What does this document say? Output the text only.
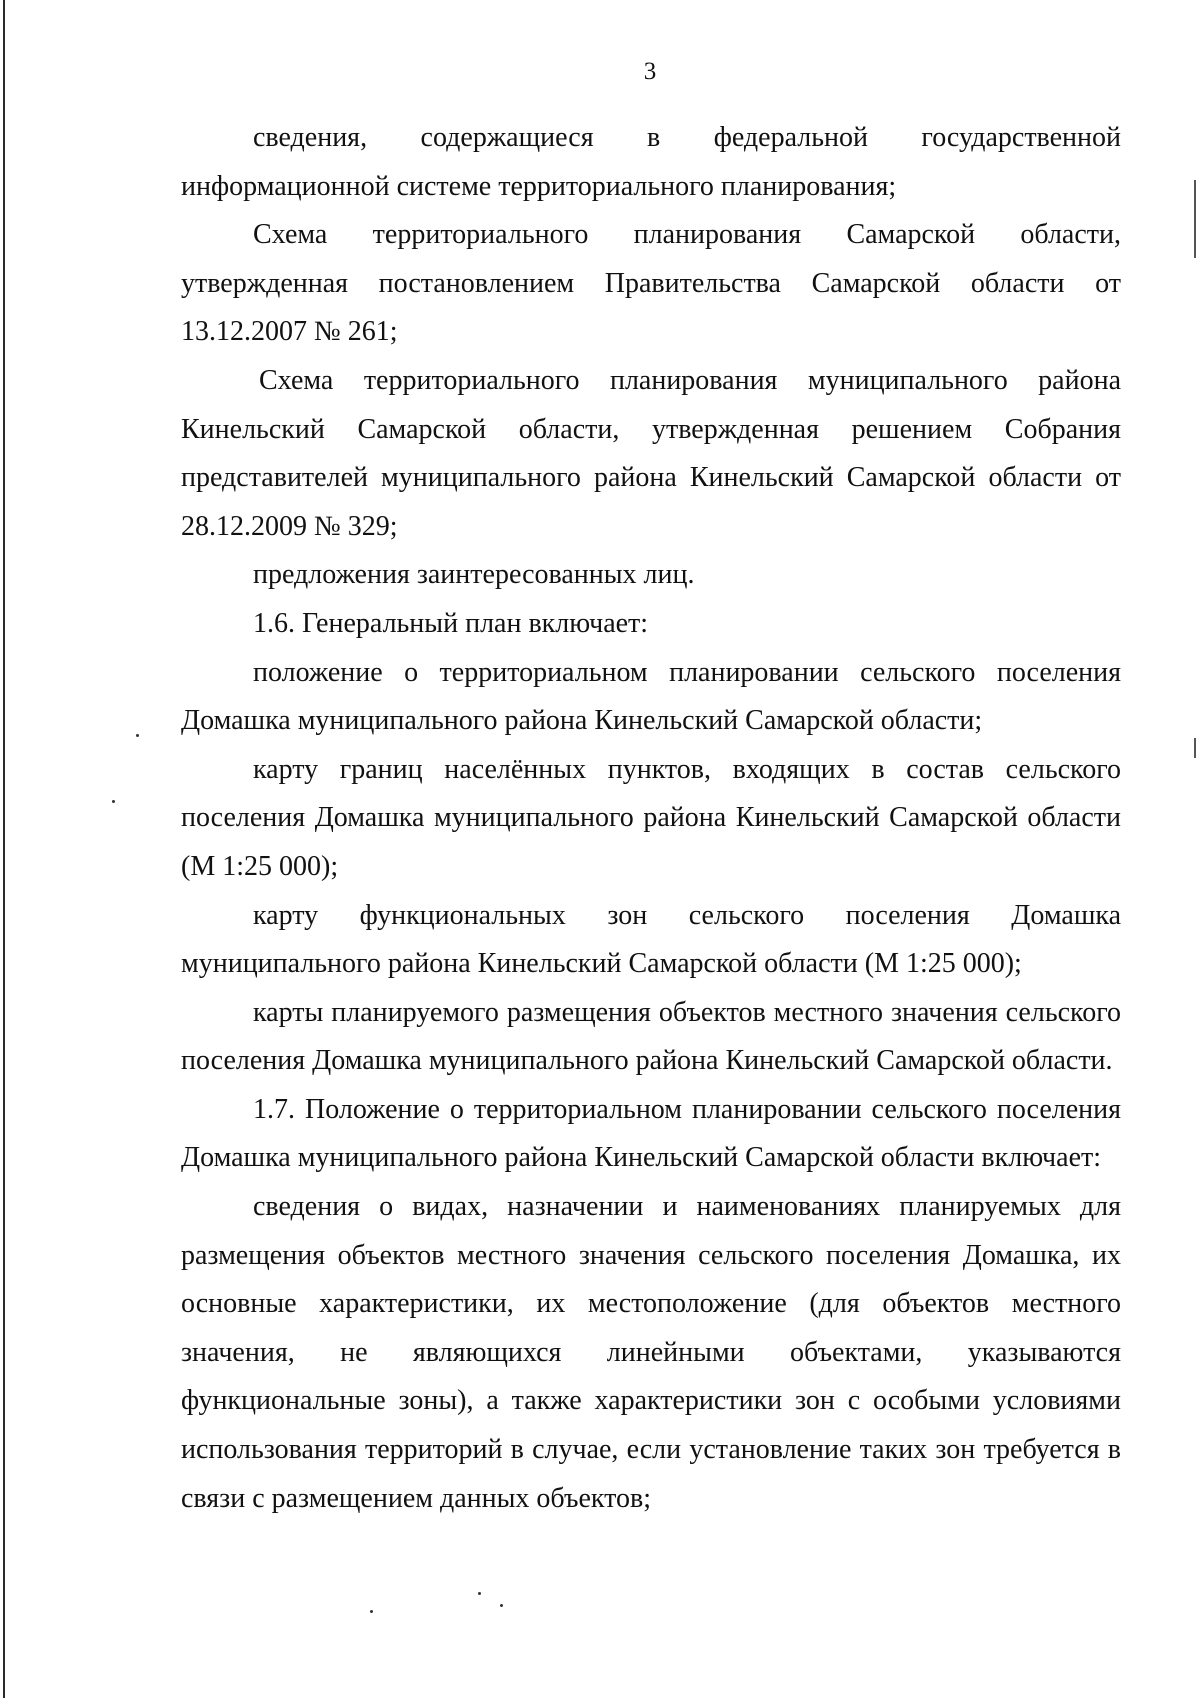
3

сведения, содержащиеся в федеральной государственной информационной системе территориального планирования;

Схема территориального планирования Самарской области, утвержденная постановлением Правительства Самарской области от 13.12.2007 № 261;

Схема территориального планирования муниципального района Кинельский Самарской области, утвержденная решением Собрания представителей муниципального района Кинельский Самарской области от 28.12.2009 № 329;

предложения заинтересованных лиц.

1.6. Генеральный план включает:

положение о территориальном планировании сельского поселения Домашка муниципального района Кинельский Самарской области;

карту границ населённых пунктов, входящих в состав сельского поселения Домашка муниципального района Кинельский Самарской области (М 1:25 000);

карту функциональных зон сельского поселения Домашка муниципального района Кинельский Самарской области (М 1:25 000);

карты планируемого размещения объектов местного значения сельского поселения Домашка муниципального района Кинельский Самарской области.

1.7. Положение о территориальном планировании сельского поселения Домашка муниципального района Кинельский Самарской области включает:

сведения о видах, назначении и наименованиях планируемых для размещения объектов местного значения сельского поселения Домашка, их основные характеристики, их местоположение (для объектов местного значения, не являющихся линейными объектами, указываются функциональные зоны), а также характеристики зон с особыми условиями использования территорий в случае, если установление таких зон требуется в связи с размещением данных объектов;
